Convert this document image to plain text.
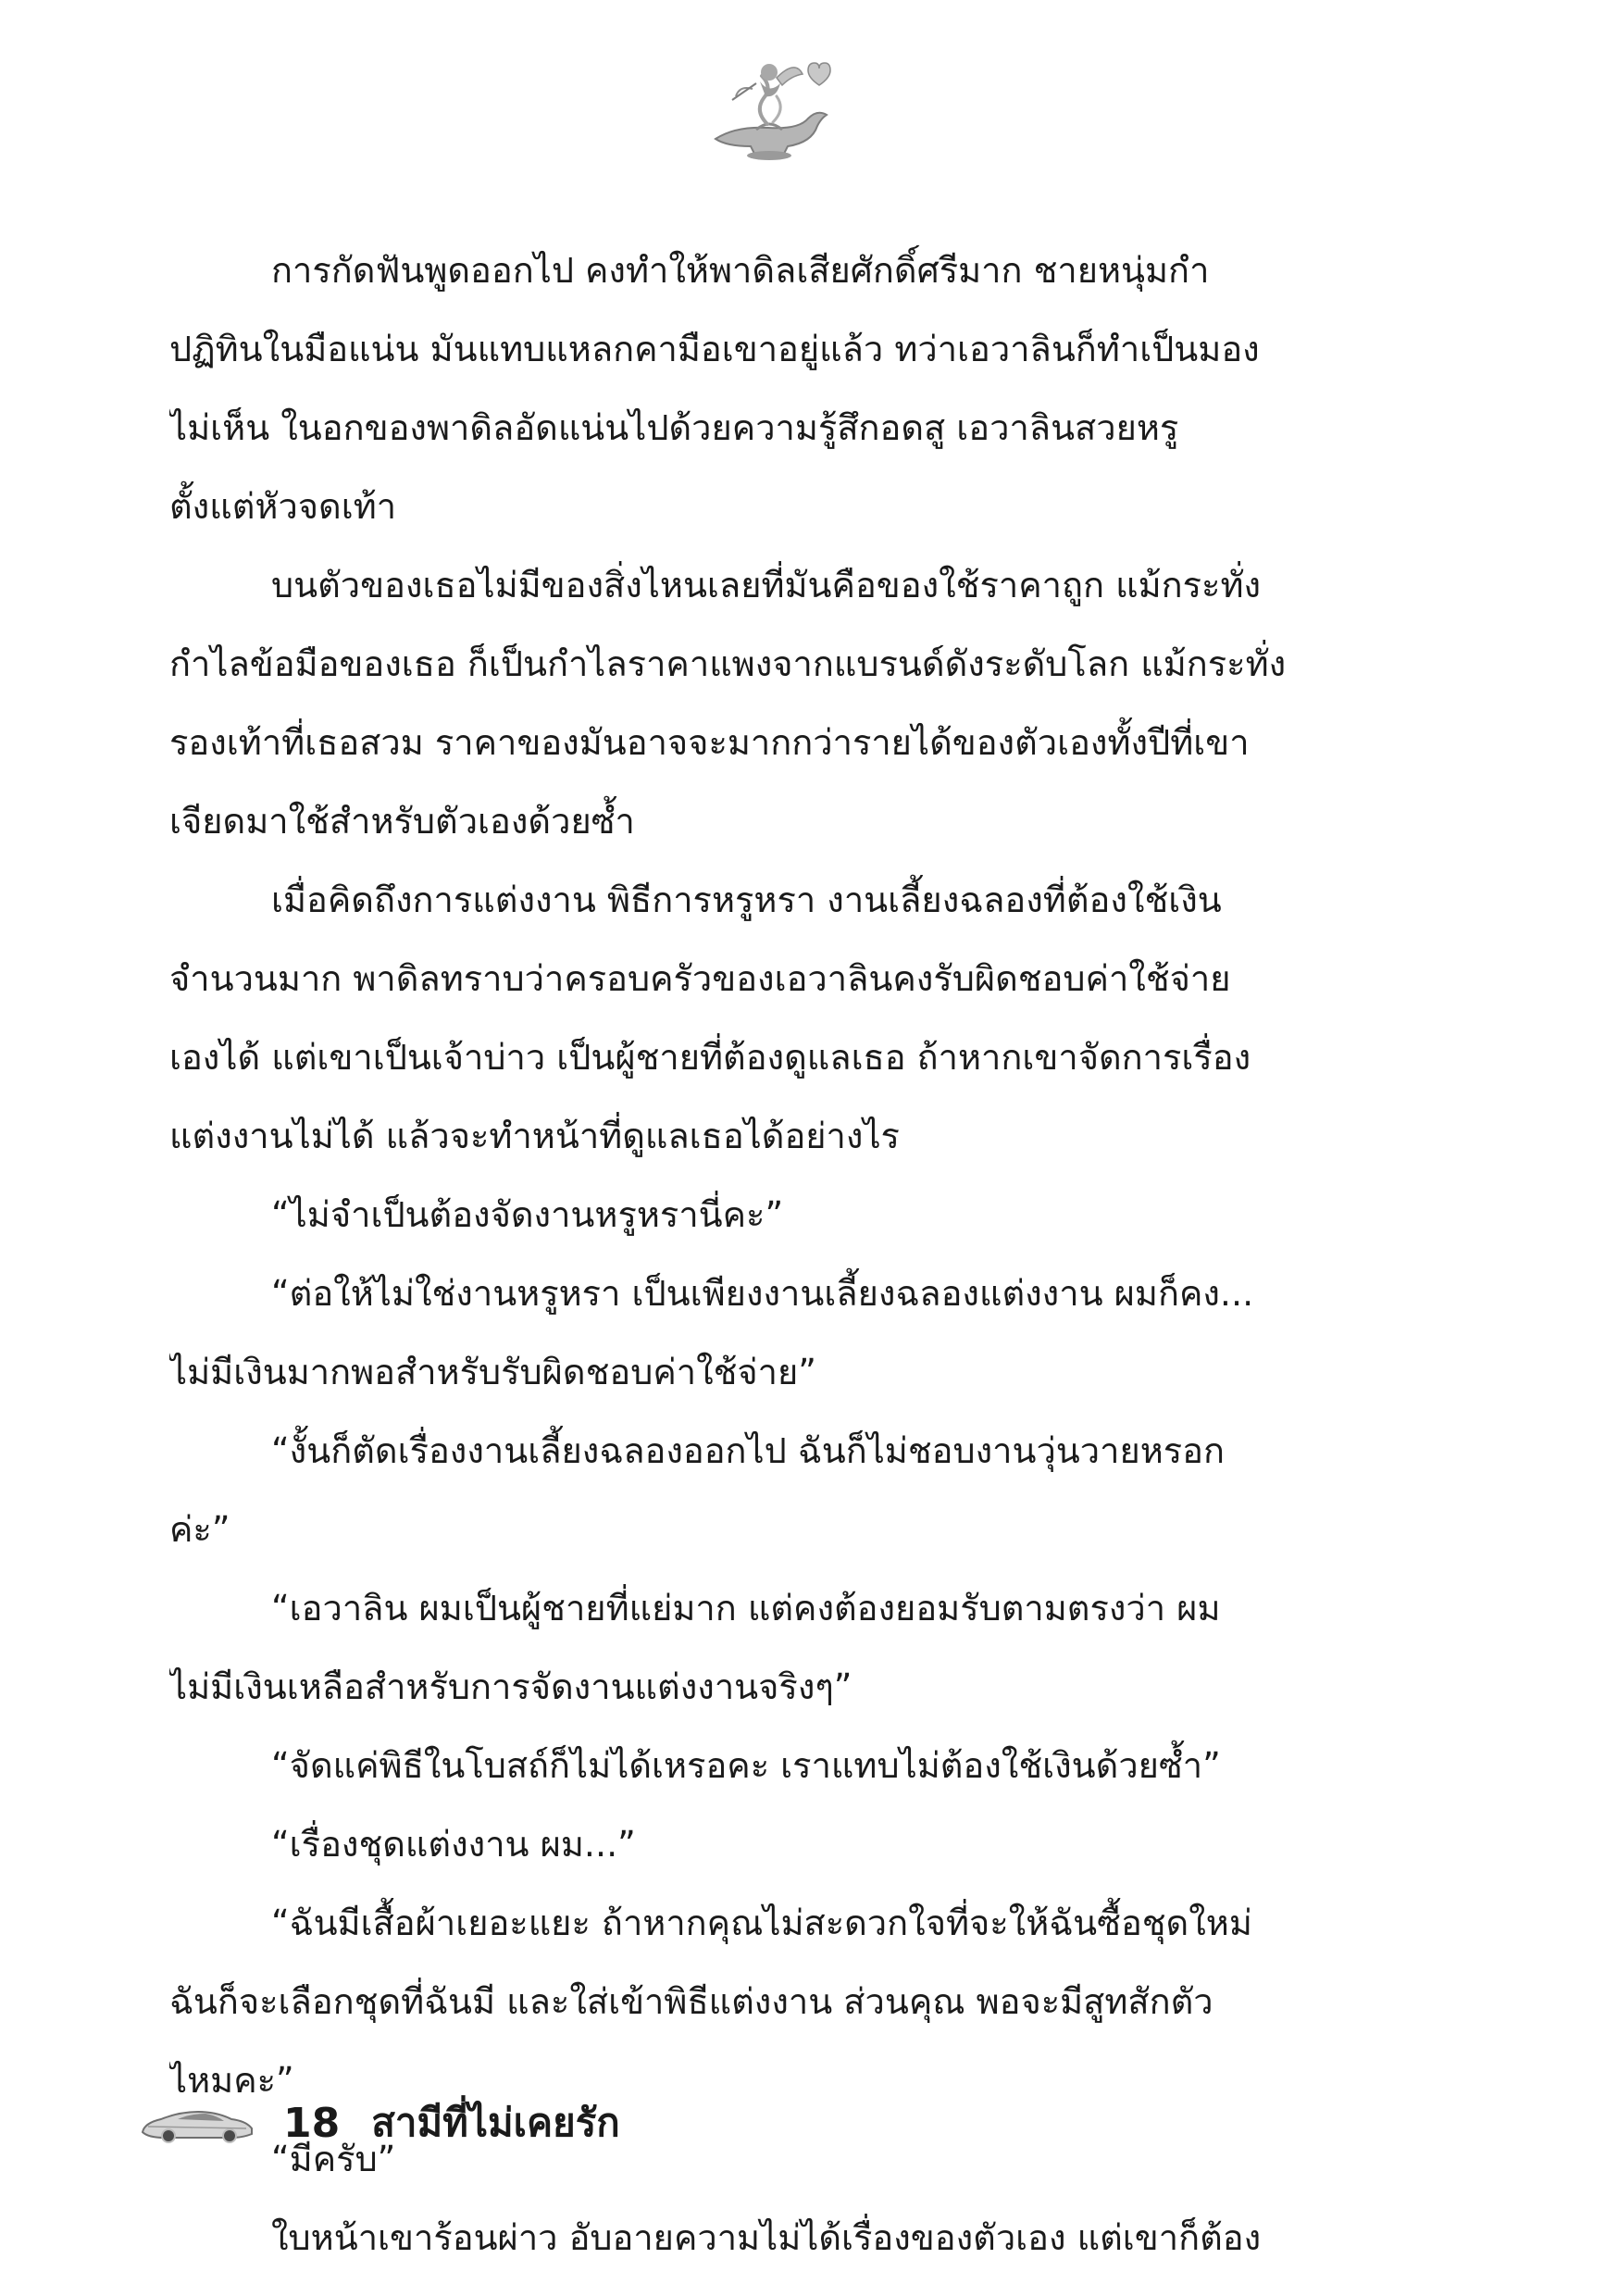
การกัดฟันพูดออกไป คงทำให้พาดิลเสียศักดิ์ศรีมาก ชายหนุ่มกำ
ปฏิทินในมือแน่น มันแทบแหลกคามือเขาอยู่แล้ว ทว่าเอวาลินก็ทำเป็นมอง
ไม่เห็น ในอกของพาดิลอัดแน่นไปด้วยความรู้สึกอดสู เอวาลินสวยหรู
ตั้งแต่หัวจดเท้า
บนตัวของเธอไม่มีของสิ่งไหนเลยที่มันคือของใช้ราคาถูก แม้กระทั่ง
กำไลข้อมือของเธอ ก็เป็นกำไลราคาแพงจากแบรนด์ดังระดับโลก แม้กระทั่ง
รองเท้าที่เธอสวม ราคาของมันอาจจะมากกว่ารายได้ของตัวเองทั้งปีที่เขา
เจียดมาใช้สำหรับตัวเองด้วยซ้ำ
เมื่อคิดถึงการแต่งงาน พิธีการหรูหรา งานเลี้ยงฉลองที่ต้องใช้เงิน
จำนวนมาก พาดิลทราบว่าครอบครัวของเอวาลินคงรับผิดชอบค่าใช้จ่าย
เองได้ แต่เขาเป็นเจ้าบ่าว เป็นผู้ชายที่ต้องดูแลเธอ ถ้าหากเขาจัดการเรื่อง
แต่งงานไม่ได้ แล้วจะทำหน้าที่ดูแลเธอได้อย่างไร
“ไม่จำเป็นต้องจัดงานหรูหรานี่คะ”
“ต่อให้ไม่ใช่งานหรูหรา เป็นเพียงงานเลี้ยงฉลองแต่งงาน ผมก็คง...
ไม่มีเงินมากพอสำหรับรับผิดชอบค่าใช้จ่าย”
“งั้นก็ตัดเรื่องงานเลี้ยงฉลองออกไป ฉันก็ไม่ชอบงานวุ่นวายหรอก
ค่ะ”
“เอวาลิน ผมเป็นผู้ชายที่แย่มาก แต่คงต้องยอมรับตามตรงว่า ผม
ไม่มีเงินเหลือสำหรับการจัดงานแต่งงานจริงๆ”
“จัดแค่พิธีในโบสถ์ก็ไม่ได้เหรอคะ เราแทบไม่ต้องใช้เงินด้วยซ้ำ”
“เรื่องชุดแต่งงาน ผม...”
“ฉันมีเสื้อผ้าเยอะแยะ ถ้าหากคุณไม่สะดวกใจที่จะให้ฉันซื้อชุดใหม่
ฉันก็จะเลือกชุดที่ฉันมี และใส่เข้าพิธีแต่งงาน ส่วนคุณ พอจะมีสูทสักตัว
ไหมคะ”
“มีครับ”
ใบหน้าเขาร้อนผ่าว อับอายความไม่ได้เรื่องของตัวเอง แต่เขาก็ต้อง
18 สามีที่ไม่เคยรัก
